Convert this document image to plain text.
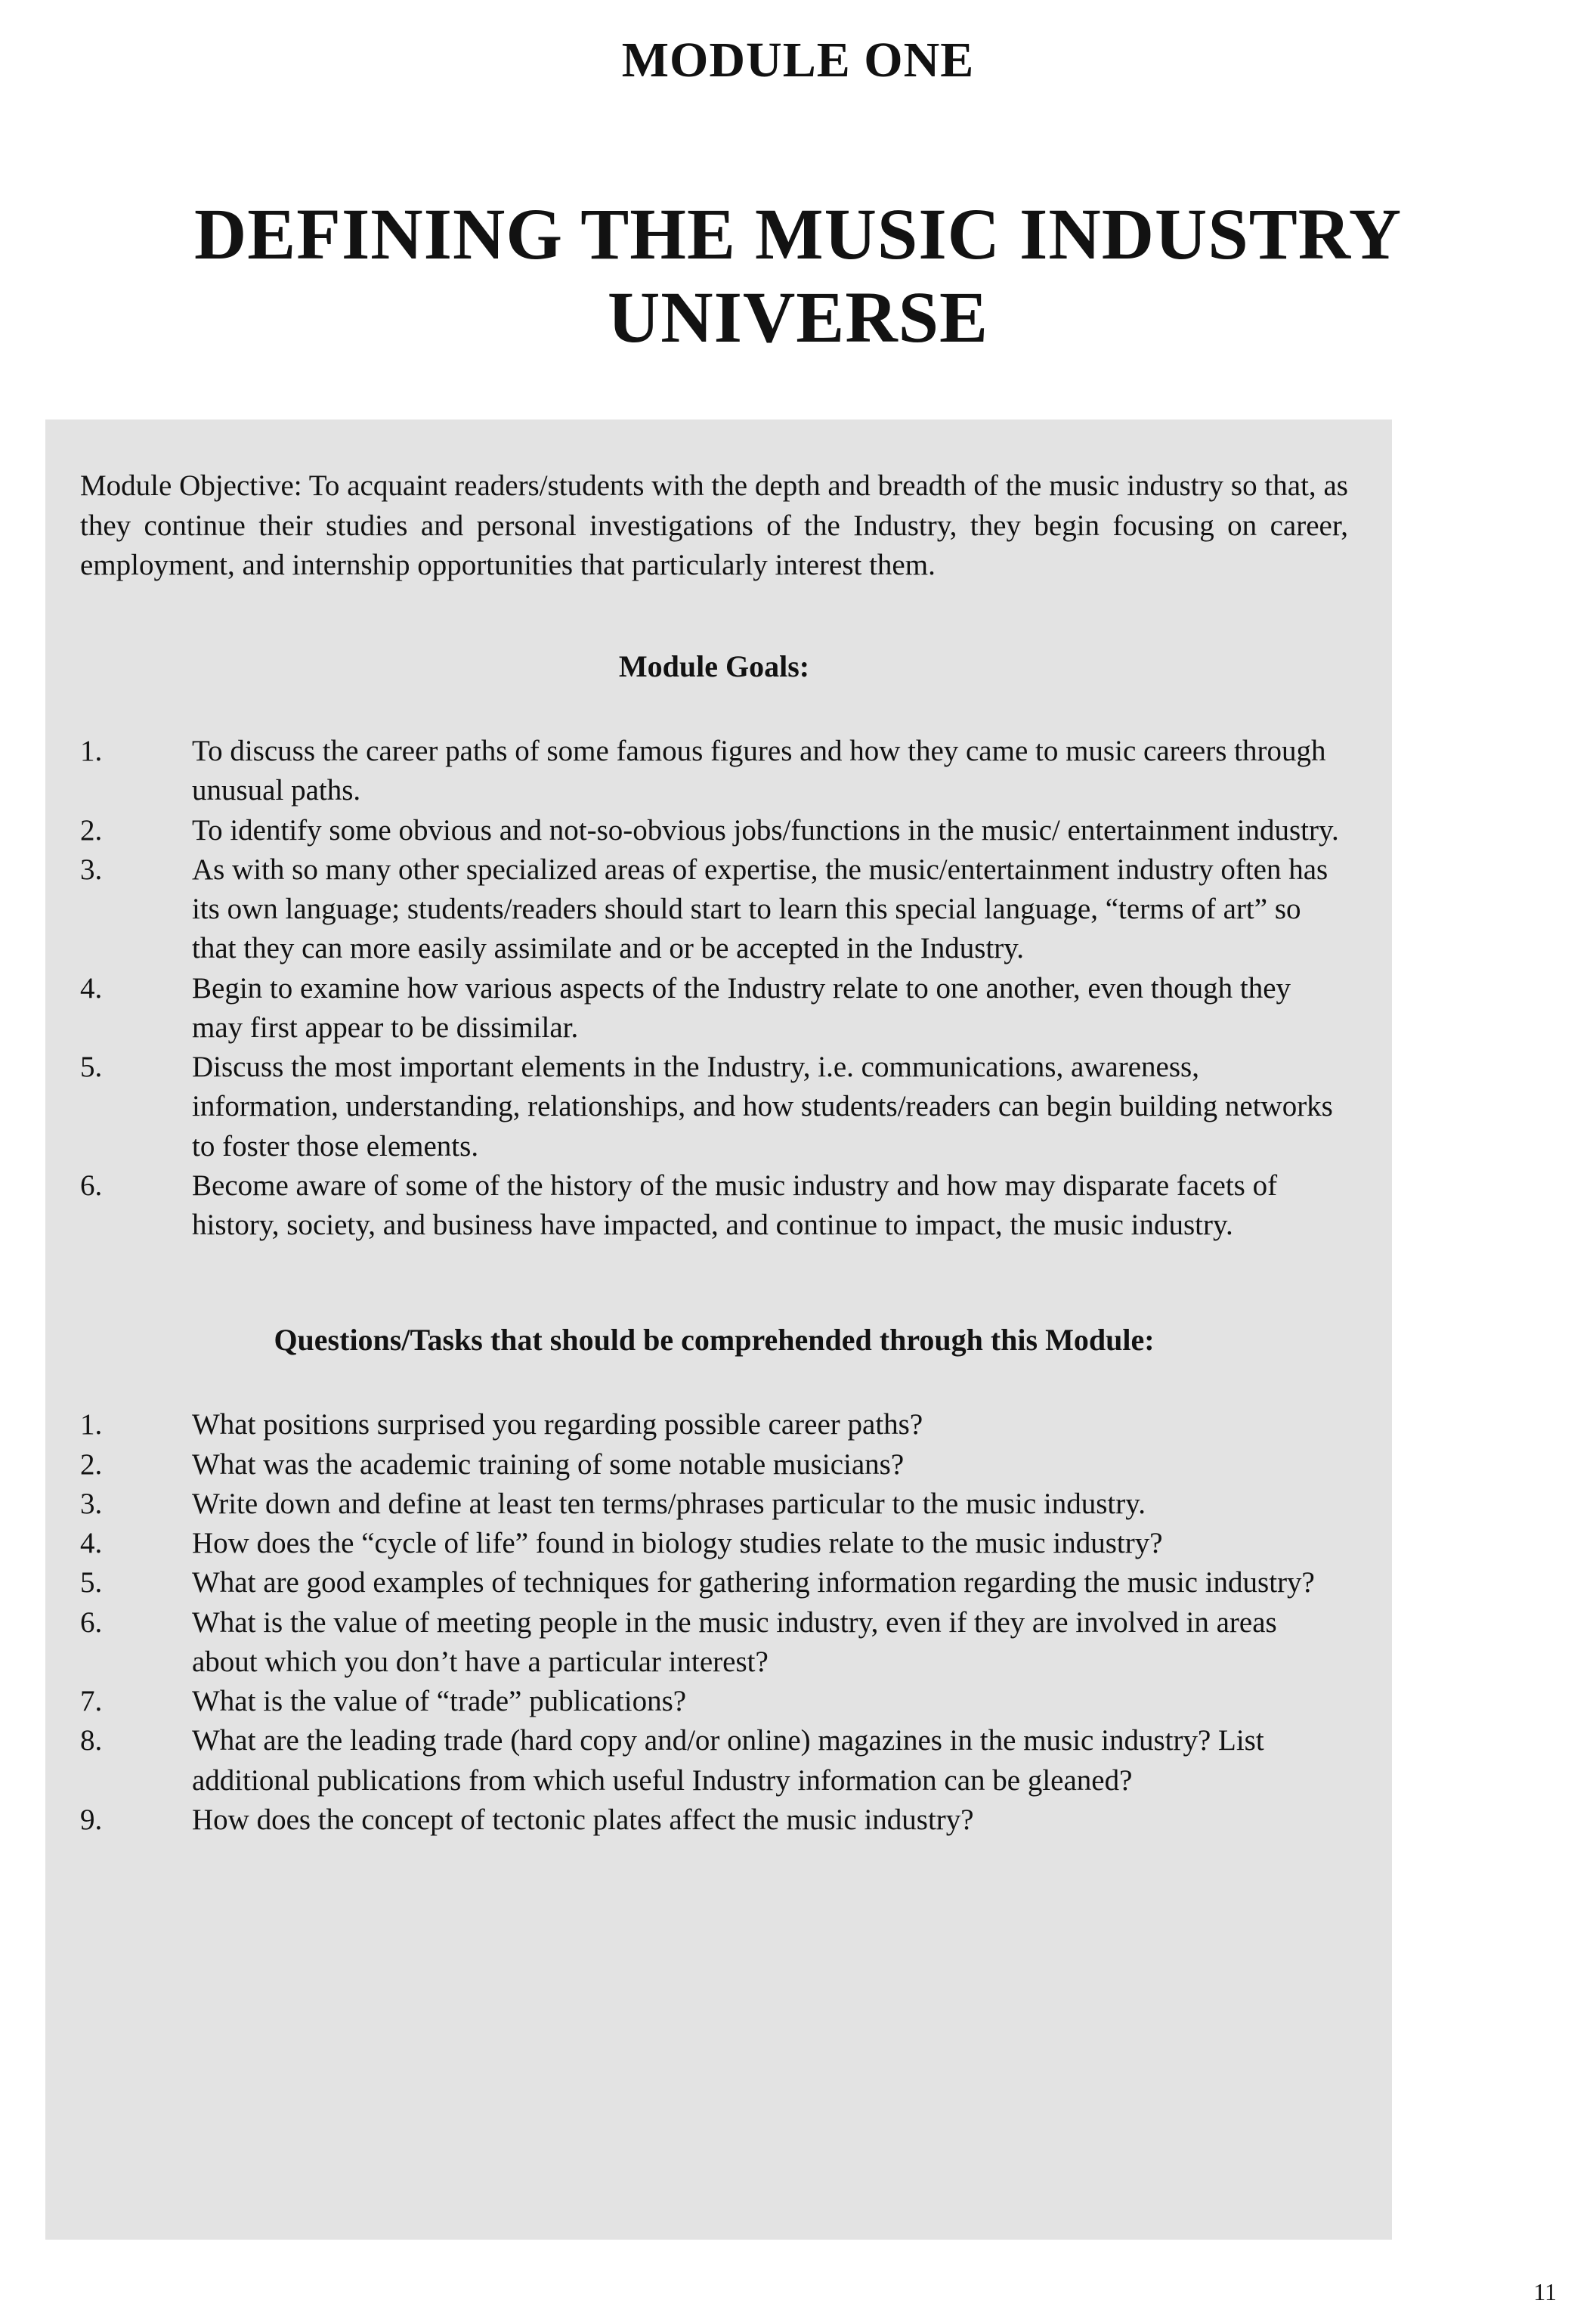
MODULE ONE
DEFINING THE MUSIC INDUSTRY
UNIVERSE

Module Objective: To acquaint readers/students with the depth and breadth of the music industry so that, as they continue their studies and personal investigations of the Industry, they begin focusing on career, employment, and internship opportunities that particularly interest them.

Module Goals:
1.	To discuss the career paths of some famous figures and how they came to music careers through unusual paths.
2.	To identify some obvious and not-so-obvious jobs/functions in the music/ entertainment industry.
3.	As with so many other specialized areas of expertise, the music/entertainment industry often has its own language; students/readers should start to learn this special language, “terms of art” so that they can more easily assimilate and or be accepted in the Industry.
4.	Begin to examine how various aspects of the Industry relate to one another, even though they may first appear to be dissimilar.
5.	Discuss the most important elements in the Industry, i.e. communications, awareness, information, understanding, relationships, and how students/readers can begin building networks to foster those elements.
6.	Become aware of some of the history of the music industry and how may disparate facets of history, society, and business have impacted, and continue to impact, the music industry.
Questions/Tasks that should be comprehended through this Module:
1.	What positions surprised you regarding possible career paths?
2.	What was the academic training of some notable musicians?
3.	Write down and define at least ten terms/phrases particular to the music industry.
4.	How does the “cycle of life” found in biology studies relate to the music industry?
5.	What are good examples of techniques for gathering information regarding the music industry?
6.	What is the value of meeting people in the music industry, even if they are involved in areas about which you don’t have a particular interest?
7.	What is the value of “trade” publications?
8.	What are the leading trade (hard copy and/or online) magazines in the music industry? List additional publications from which useful Industry information can be gleaned?
9.	How does the concept of tectonic plates affect the music industry?
11
